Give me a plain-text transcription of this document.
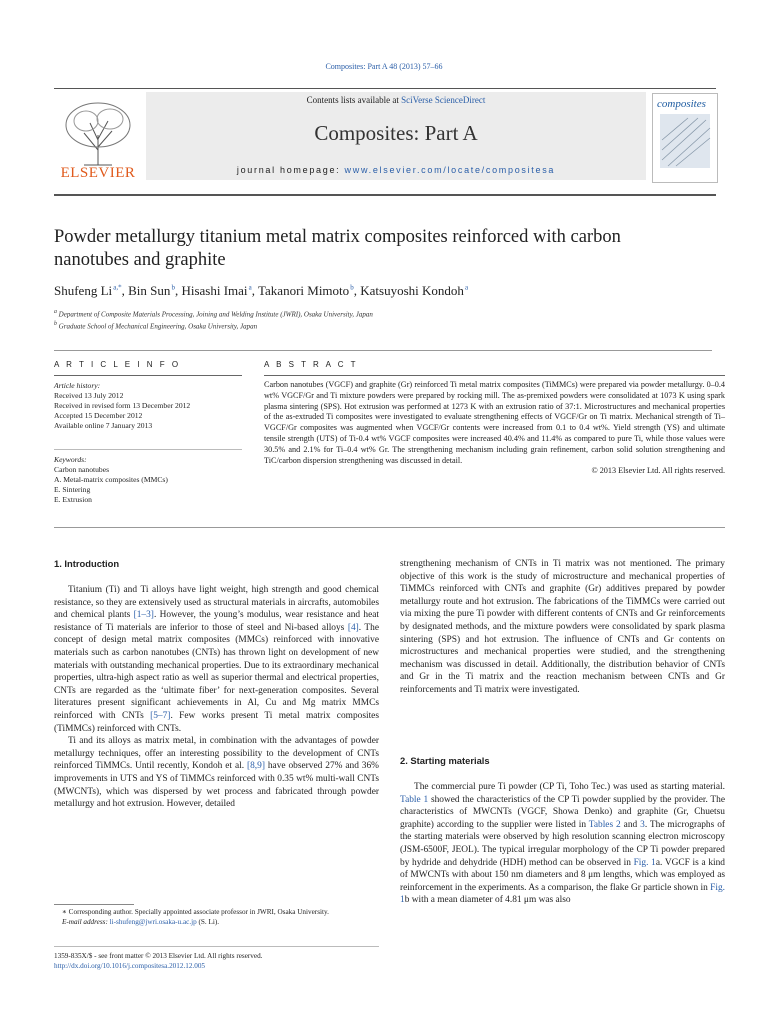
Composites: Part A 48 (2013) 57–66
ELSEVIER
Contents lists available at SciVerse ScienceDirect
Composites: Part A
journal homepage: www.elsevier.com/locate/compositesa
composites
Powder metallurgy titanium metal matrix composites reinforced with carbon nanotubes and graphite
Shufeng Li $^{a,*}$, Bin Sun $^b$, Hisashi Imai $^a$, Takanori Mimoto $^b$, Katsuyoshi Kondoh $^a$
$^a$ Department of Composite Materials Processing, Joining and Welding Institute (JWRI), Osaka University, Japan
$^b$ Graduate School of Mechanical Engineering, Osaka University, Japan
A R T I C L E I N F O
Article history:
Received 13 July 2012
Received in revised form 13 December 2012
Accepted 15 December 2012
Available online 7 January 2013
Keywords:
Carbon nanotubes
A. Metal-matrix composites (MMCs)
E. Sintering
E. Extrusion
A B S T R A C T
Carbon nanotubes (VGCF) and graphite (Gr) reinforced Ti metal matrix composites (TiMMCs) were prepared via powder metallurgy. 0–0.4 wt% VGCF/Gr and Ti mixture powders were prepared by rocking mill. The as-premixed powders were consolidated at 1073 K using spark plasma sintering (SPS). Hot extrusion was performed at 1273 K with an extrusion ratio of 37:1. Microstructures and mechanical properties of the as-extruded Ti composites were investigated to evaluate strengthening effects of VGCF/Gr on Ti matrix. Mechanical strength of Ti–VGCF/Gr composites was augmented when VGCF/Gr contents were increased from 0.1 to 0.4 wt%. Yield strength (YS) and ultimate tensile strength (UTS) of Ti-0.4 wt% VGCF composites were increased 40.4% and 11.4% as compared to pure Ti, while those values were 30.5% and 2.1% for Ti–0.4 wt% Gr. The strengthening mechanism including grain refinement, carbon solid solution strengthening and TiC/carbon dispersion strengthening was discussed in detail.
© 2013 Elsevier Ltd. All rights reserved.
1. Introduction

Titanium (Ti) and Ti alloys have light weight, high strength and good chemical resistance, so they are extensively used as structural materials in aircrafts, automobiles and chemical plants [1–3]. However, the young’s modulus, wear resistance and heat resistance of Ti materials are inferior to those of steel and Ni-based alloys [4]. The concept of design metal matrix composites (MMCs) reinforced with innovative materials such as carbon nanotubes (CNTs) has thrown light on development of new materials with outstanding mechanical properties. Due to its extraordinary mechanical properties, ultra-high aspect ratio as well as superior thermal and electrical properties, CNTs are regarded as the ‘ultimate fiber’ for next-generation composites. Several literatures present significant achievements in Al, Cu and Mg matrix MMCs reinforced with CNTs [5–7]. Few works present Ti metal matrix composites (TiMMCs) reinforced with CNTs.

Ti and its alloys as matrix metal, in combination with the advantages of powder metallurgy techniques, offer an interesting possibility to the development of CNTs reinforced TiMMCs. Until recently, Kondoh et al. [8,9] have observed 27% and 36% improvements in UTS and YS of TiMMCs reinforced with 0.35 wt% multi-wall CNTs (MWCNTs), which was dispersed by wet process and fabricated through powder metallurgy and hot extrusion. However, detailed

∗ Corresponding author. Specially appointed associate professor in JWRI, Osaka University.
E-mail address: li-shufeng@jwri.osaka-u.ac.jp (S. Li).
1359-835X/$ - see front matter © 2013 Elsevier Ltd. All rights reserved.
http://dx.doi.org/10.1016/j.compositesa.2012.12.005

strengthening mechanism of CNTs in Ti matrix was not mentioned. The primary objective of this work is the study of microstructure and mechanical properties of TiMMCs reinforced with CNTs and graphite (Gr) additives prepared by powder metallurgy route and hot extrusion. The fabrications of the TiMMCs were carried out via mixing the pure Ti powder with different contents of CNTs and Gr reinforcements by designated methods, and the mixture powders were consolidated by spark plasma sintering (SPS) and hot extrusion. The influence of CNTs and Gr contents on microstructures and mechanical properties were studied, and the strengthening mechanism was discussed in detail. Additionally, the distribution behavior of CNTs and Gr in the Ti matrix and the reaction mechanism between CNTs and Gr reinforcements and Ti matrix were investigated.

2. Starting materials

The commercial pure Ti powder (CP Ti, Toho Tec.) was used as starting material. Table 1 showed the characteristics of the CP Ti powder supplied by the provider. The characteristics of MWCNTs (VGCF, Showa Denko) and graphite (Gr, Chuetsu graphite) according to the supplier were listed in Tables 2 and 3. The micrographs of the starting materials were observed by high resolution scanning electron microscopy (JSM-6500F, JEOL). The typical irregular morphology of the CP Ti powder prepared by hydride and dehydride (HDH) method can be observed in Fig. 1a. VGCF is a kind of MWCNTs with about 150 nm diameters and 8 μm lengths, which was employed as reinforcement in the experiments. As a comparison, the flake Gr particle shown in Fig. 1b with a mean diameter of 4.81 μm was also
